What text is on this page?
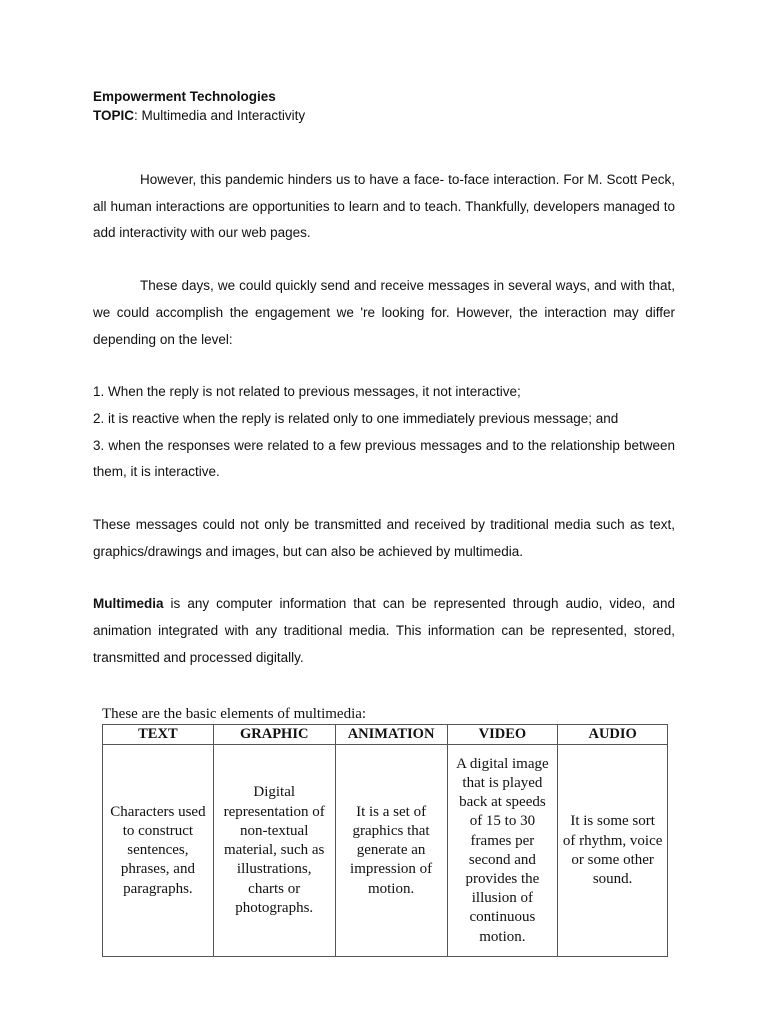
Empowerment Technologies
TOPIC: Multimedia and Interactivity

However, this pandemic hinders us to have a face- to-face interaction. For M. Scott Peck, all human interactions are opportunities to learn and to teach. Thankfully, developers managed to add interactivity with our web pages.

These days, we could quickly send and receive messages in several ways, and with that, we could accomplish the engagement we 're looking for. However, the interaction may differ depending on the level:

1. When the reply is not related to previous messages, it not interactive;

2. it is reactive when the reply is related only to one immediately previous message; and

3. when the responses were related to a few previous messages and to the relationship between them, it is interactive.

These messages could not only be transmitted and received by traditional media such as text, graphics/drawings and images, but can also be achieved by multimedia.

Multimedia is any computer information that can be represented through audio, video, and animation integrated with any traditional media. This information can be represented, stored, transmitted and processed digitally.

These are the basic elements of multimedia:
TEXT	GRAPHIC	ANIMATION	VIDEO	AUDIO
Characters used to construct sentences, phrases, and paragraphs.	Digital representation of non-textual material, such as illustrations, charts or photographs.	It is a set of graphics that generate an impression of motion.	A digital image that is played back at speeds of 15 to 30 frames per second and provides the illusion of continuous motion.	It is some sort of rhythm, voice or some other sound.
